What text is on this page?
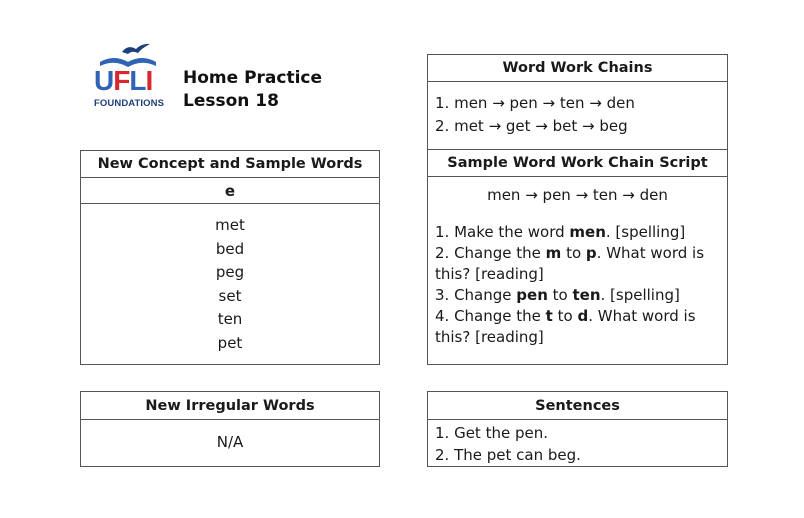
UFLI
FOUNDATIONS
Home Practice
Lesson 18
New Concept and Sample Words
e
met
bed
peg
set
ten
pet
New Irregular Words
N/A
Word Work Chains
1. men → pen → ten → den
2. met → get → bet → beg
Sample Word Work Chain Script
men → pen → ten → den
1. Make the word men. [spelling]
2. Change the m to p. What word is
this? [reading]
3. Change pen to ten. [spelling]
4. Change the t to d. What word is
this? [reading]
Sentences
1. Get the pen.
2. The pet can beg.
